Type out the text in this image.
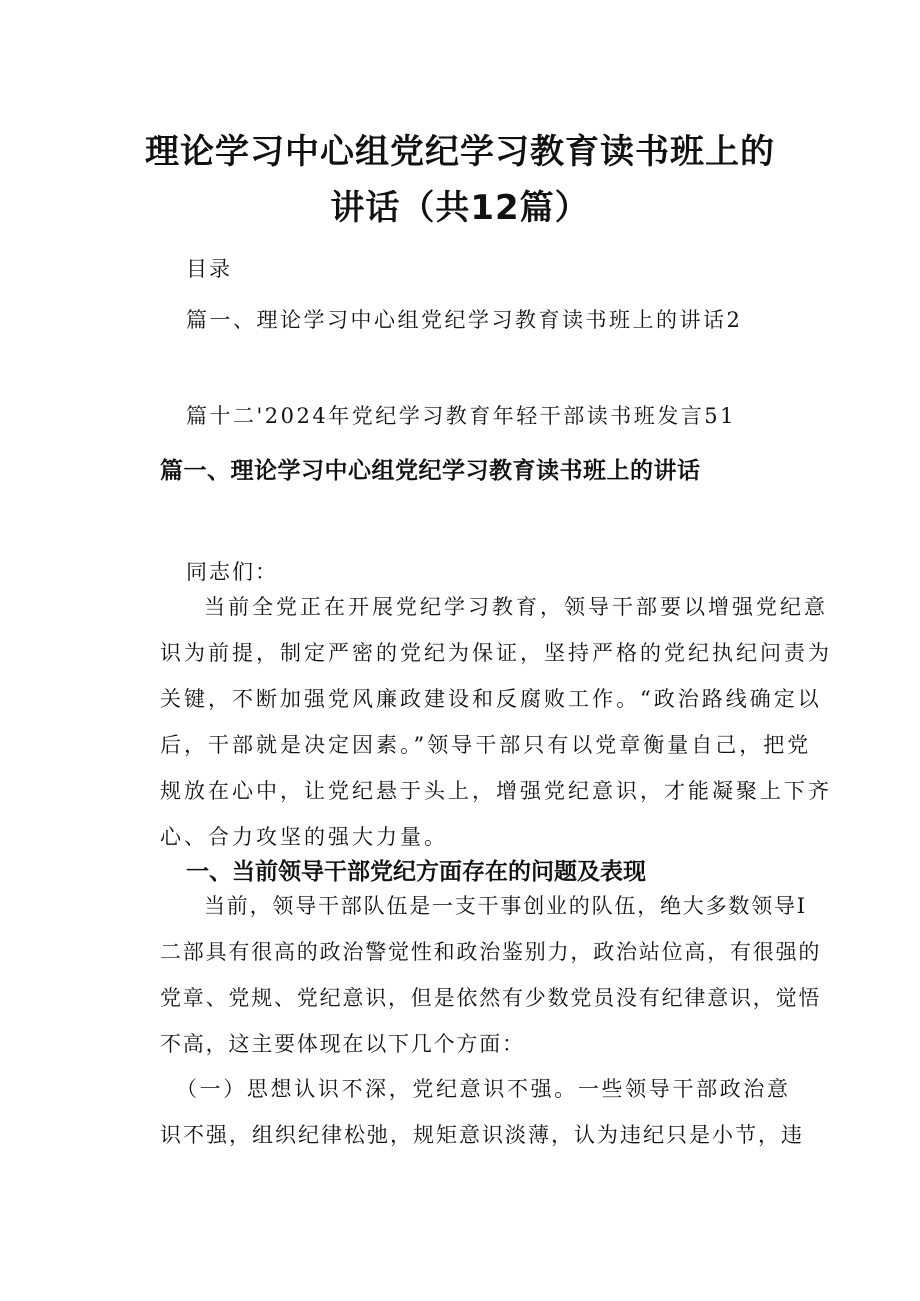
理论学习中心组党纪学习教育读书班上的
讲话（共12篇）

目录

篇一、理论学习中心组党纪学习教育读书班上的讲话2

篇十二'2024年党纪学习教育年轻干部读书班发言51

篇一、理论学习中心组党纪学习教育读书班上的讲话

同志们：

当前全党正在开展党纪学习教育，领导干部要以增强党纪意
识为前提，制定严密的党纪为保证，坚持严格的党纪执纪问责为
关键，不断加强党风廉政建设和反腐败工作。“政治路线确定以
后，干部就是决定因素。”领导干部只有以党章衡量自己，把党
规放在心中，让党纪悬于头上，增强党纪意识，才能凝聚上下齐
心、合力攻坚的强大力量。
一、当前领导干部党纪方面存在的问题及表现
当前，领导干部队伍是一支干事创业的队伍，绝大多数领导I
二部具有很高的政治警觉性和政治鉴别力，政治站位高，有很强的
党章、党规、党纪意识，但是依然有少数党员没有纪律意识，觉悟
不高，这主要体现在以下几个方面：
（一）思想认识不深，党纪意识不强。一些领导干部政治意
识不强，组织纪律松弛，规矩意识淡薄，认为违纪只是小节，违
